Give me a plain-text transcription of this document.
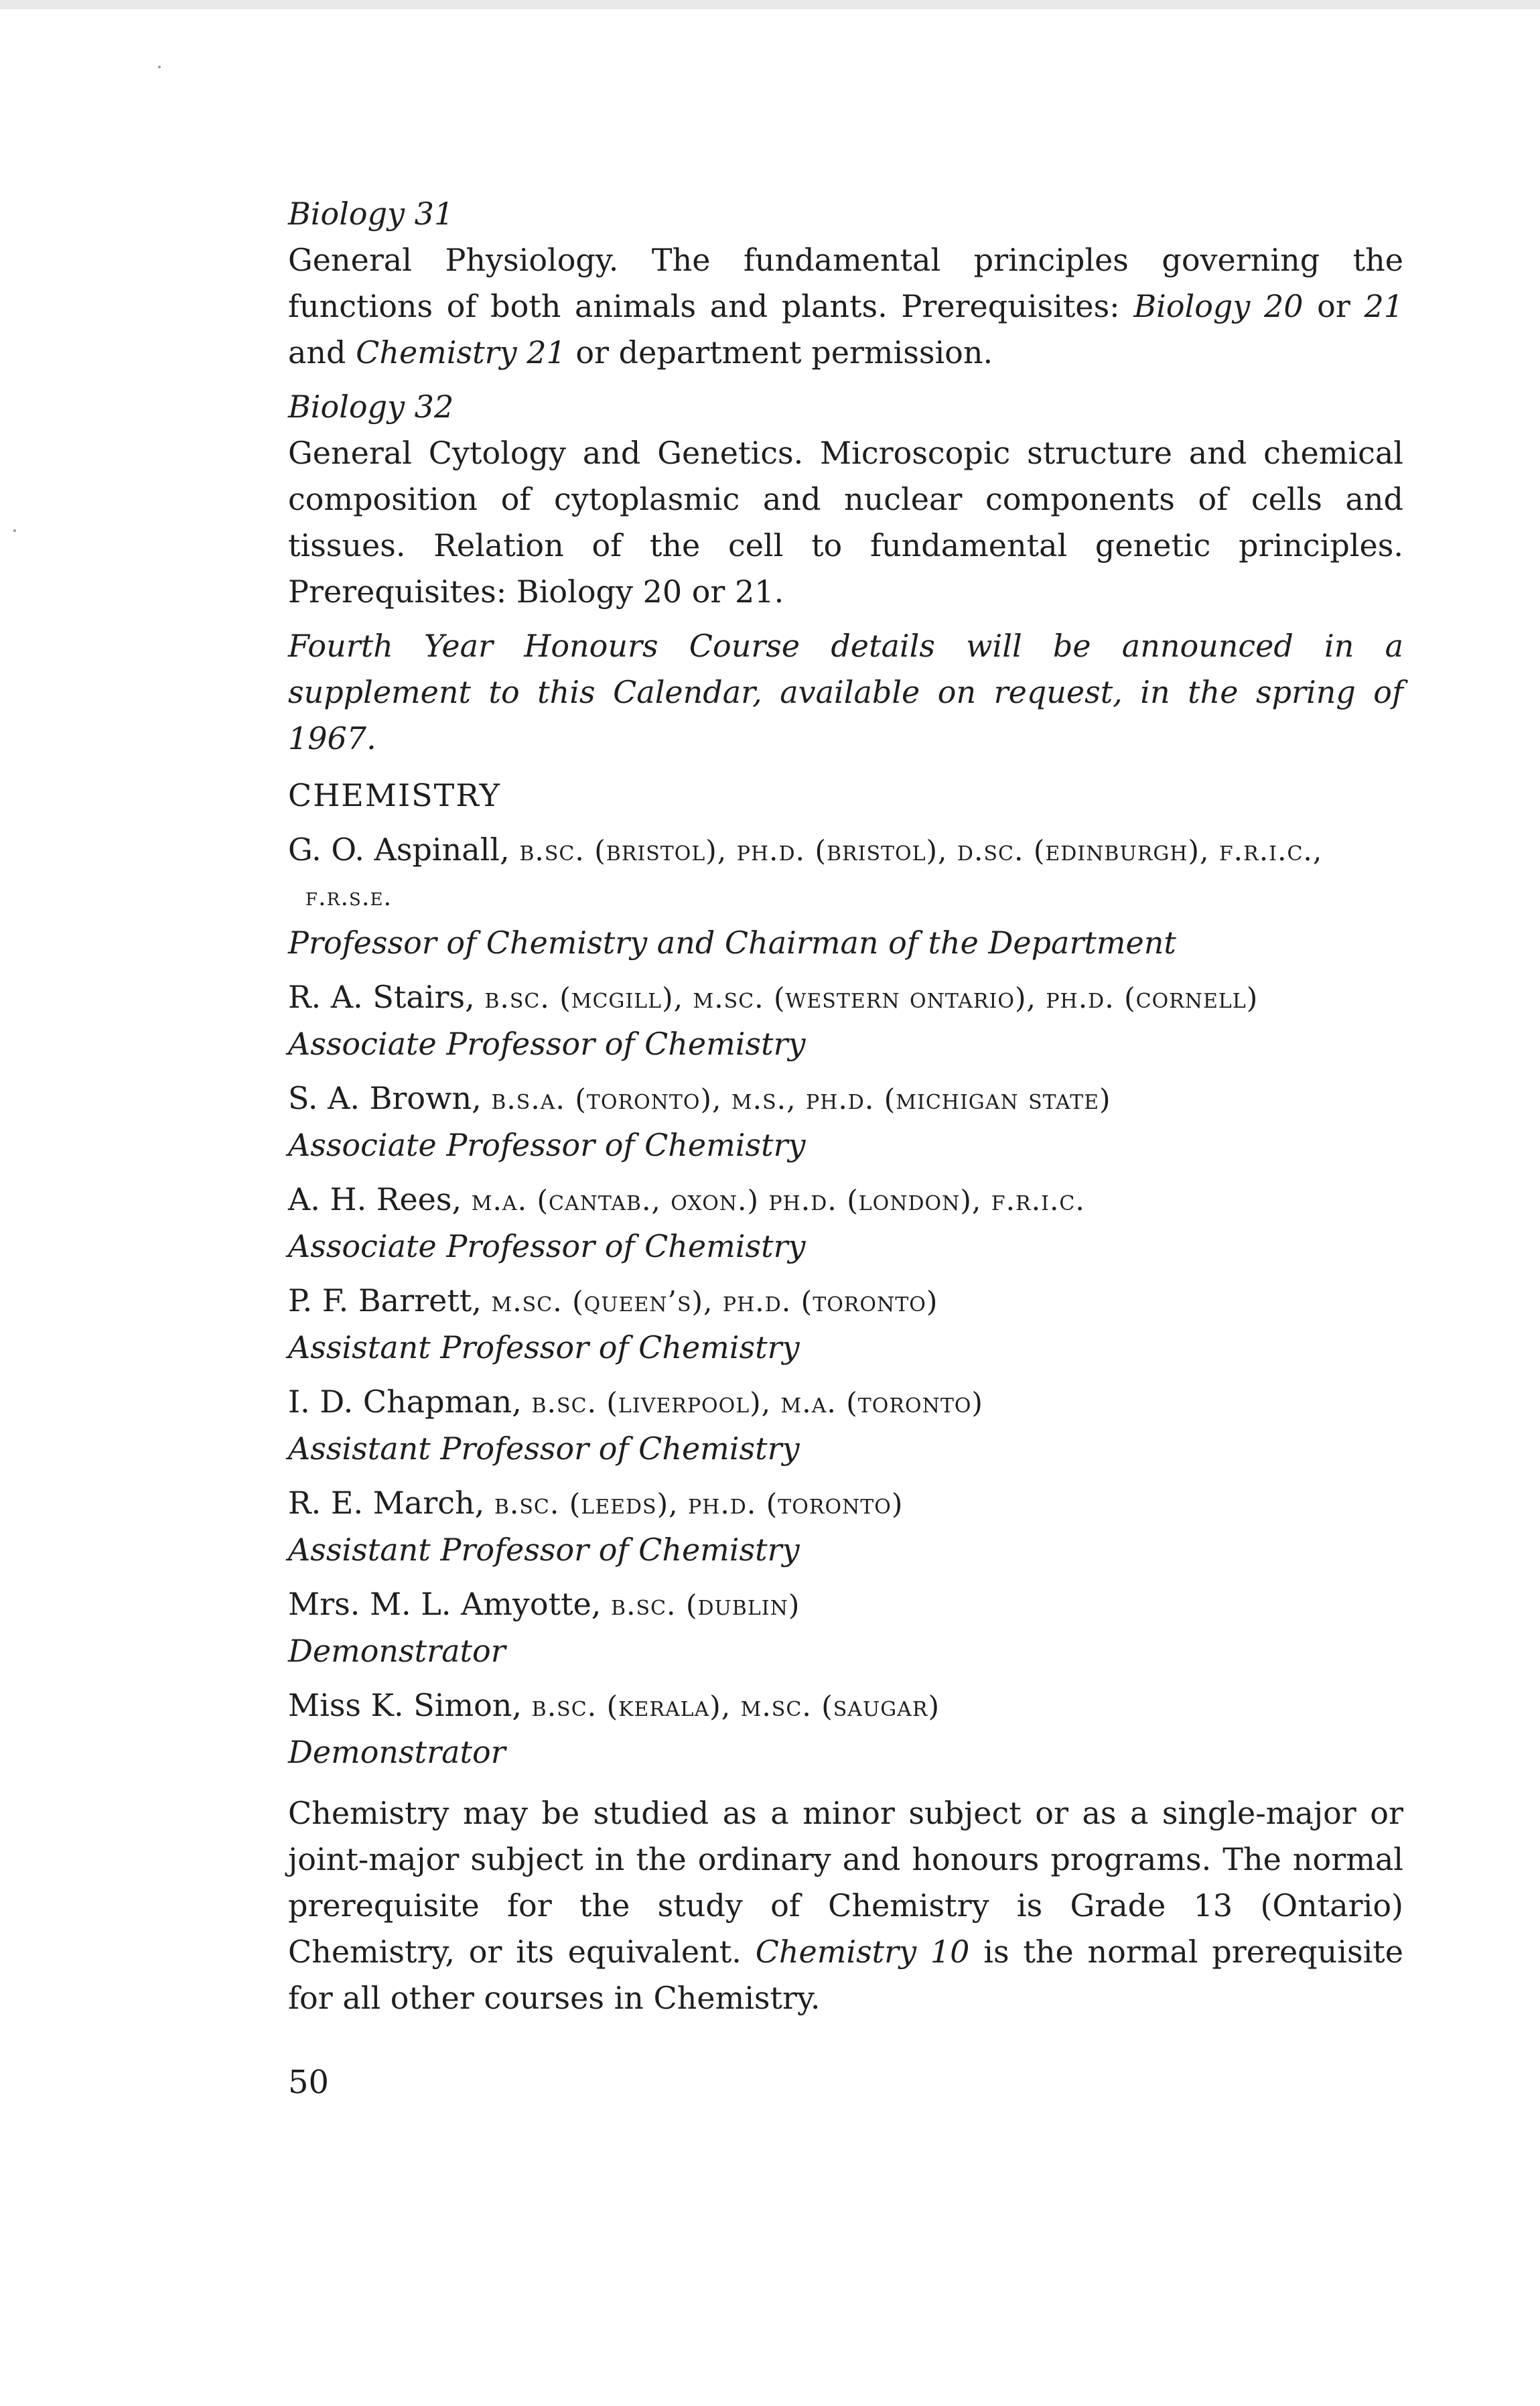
Biology 31

General Physiology. The fundamental principles governing the functions of both animals and plants. Prerequisites: Biology 20 or 21 and Chemistry 21 or department permission.

Biology 32

General Cytology and Genetics. Microscopic structure and chemical composition of cytoplasmic and nuclear components of cells and tissues. Relation of the cell to fundamental genetic principles. Prerequisites: Biology 20 or 21.

Fourth Year Honours Course details will be announced in a supplement to this Calendar, available on request, in the spring of 1967.

CHEMISTRY

G. O. Aspinall, b.sc. (bristol), ph.d. (bristol), d.sc. (edinburgh), f.r.i.c.,

f.r.s.e.

Professor of Chemistry and Chairman of the Department

R. A. Stairs, b.sc. (mcgill), m.sc. (western ontario), ph.d. (cornell)

Associate Professor of Chemistry

S. A. Brown, b.s.a. (toronto), m.s., ph.d. (michigan state)

Associate Professor of Chemistry

A. H. Rees, m.a. (cantab., oxon.) ph.d. (london), f.r.i.c.

Associate Professor of Chemistry

P. F. Barrett, m.sc. (queen’s), ph.d. (toronto)

Assistant Professor of Chemistry

I. D. Chapman, b.sc. (liverpool), m.a. (toronto)

Assistant Professor of Chemistry

R. E. March, b.sc. (leeds), ph.d. (toronto)

Assistant Professor of Chemistry

Mrs. M. L. Amyotte, b.sc. (dublin)

Demonstrator

Miss K. Simon, b.sc. (kerala), m.sc. (saugar)

Demonstrator

Chemistry may be studied as a minor subject or as a single-major or joint-major subject in the ordinary and honours programs. The normal prerequisite for the study of Chemistry is Grade 13 (Ontario) Chemistry, or its equivalent. Chemistry 10 is the normal prerequisite for all other courses in Chemistry.

50
